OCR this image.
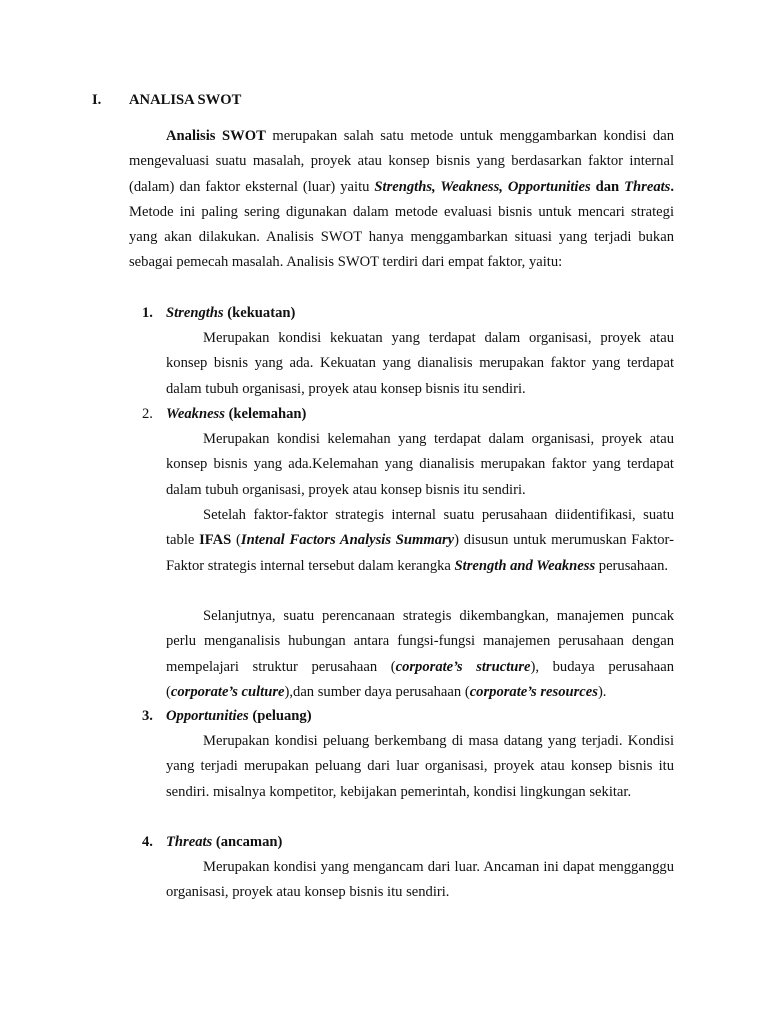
I. ANALISA SWOT
Analisis SWOT merupakan salah satu metode untuk menggambarkan kondisi dan mengevaluasi suatu masalah, proyek atau konsep bisnis yang berdasarkan faktor internal (dalam) dan faktor eksternal (luar) yaitu Strengths, Weakness, Opportunities dan Threats. Metode ini paling sering digunakan dalam metode evaluasi bisnis untuk mencari strategi yang akan dilakukan. Analisis SWOT hanya menggambarkan situasi yang terjadi bukan sebagai pemecah masalah. Analisis SWOT terdiri dari empat faktor, yaitu:
1. Strengths (kekuatan)
Merupakan kondisi kekuatan yang terdapat dalam organisasi, proyek atau konsep bisnis yang ada. Kekuatan yang dianalisis merupakan faktor yang terdapat dalam tubuh organisasi, proyek atau konsep bisnis itu sendiri.
2. Weakness (kelemahan)
Merupakan kondisi kelemahan yang terdapat dalam organisasi, proyek atau konsep bisnis yang ada.Kelemahan yang dianalisis merupakan faktor yang terdapat dalam tubuh organisasi, proyek atau konsep bisnis itu sendiri.
Setelah faktor-faktor strategis internal suatu perusahaan diidentifikasi, suatu table IFAS (Intenal Factors Analysis Summary) disusun untuk merumuskan Faktor-Faktor strategis internal tersebut dalam kerangka Strength and Weakness perusahaan.
Selanjutnya, suatu perencanaan strategis dikembangkan, manajemen puncak perlu menganalisis hubungan antara fungsi-fungsi manajemen perusahaan dengan mempelajari struktur perusahaan (corporate’s structure), budaya perusahaan (corporate’s culture),dan sumber daya perusahaan (corporate’s resources).
3. Opportunities (peluang)
Merupakan kondisi peluang berkembang di masa datang yang terjadi. Kondisi yang terjadi merupakan peluang dari luar organisasi, proyek atau konsep bisnis itu sendiri. misalnya kompetitor, kebijakan pemerintah, kondisi lingkungan sekitar.
4. Threats (ancaman)
Merupakan kondisi yang mengancam dari luar. Ancaman ini dapat mengganggu organisasi, proyek atau konsep bisnis itu sendiri.
